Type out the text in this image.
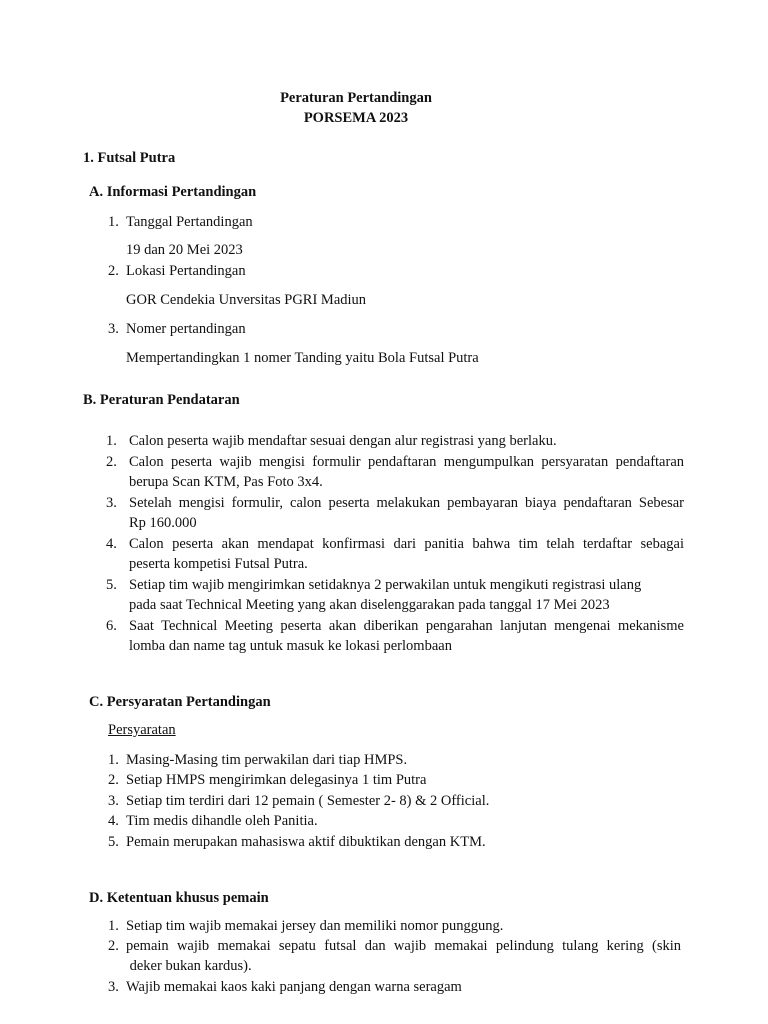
Peraturan Pertandingan
PORSEMA 2023
1. Futsal Putra
A. Informasi Pertandingan
1. Tanggal Pertandingan
19 dan 20 Mei 2023
2. Lokasi Pertandingan
GOR Cendekia Unversitas PGRI Madiun
3. Nomer pertandingan
Mempertandingkan 1 nomer Tanding yaitu Bola Futsal Putra
B. Peraturan Pendataran
1. Calon peserta wajib mendaftar sesuai dengan alur registrasi yang berlaku.
2. Calon peserta wajib mengisi formulir pendaftaran mengumpulkan persyaratan pendaftaran
berupa Scan KTM, Pas Foto 3x4.
3. Setelah mengisi formulir, calon peserta melakukan pembayaran biaya pendaftaran Sebesar
Rp 160.000
4. Calon peserta akan mendapat konfirmasi dari panitia bahwa tim telah terdaftar sebagai
peserta kompetisi Futsal Putra.
5. Setiap tim wajib mengirimkan setidaknya 2 perwakilan untuk mengikuti registrasi ulang
pada saat Technical Meeting yang akan diselenggarakan pada tanggal 17 Mei 2023
6. Saat Technical Meeting peserta akan diberikan pengarahan lanjutan mengenai mekanisme
lomba dan name tag untuk masuk ke lokasi perlombaan
C. Persyaratan Pertandingan
Persyaratan
1. Masing-Masing tim perwakilan dari tiap HMPS.
2. Setiap HMPS mengirimkan delegasinya 1 tim Putra
3. Setiap tim terdiri dari 12 pemain ( Semester 2- 8) & 2 Official.
4. Tim medis dihandle oleh Panitia.
5. Pemain merupakan mahasiswa aktif dibuktikan dengan KTM.
D. Ketentuan khusus pemain
1. Setiap tim wajib memakai jersey dan memiliki nomor punggung.
2. pemain wajib memakai sepatu futsal dan wajib memakai pelindung tulang kering (skin
deker bukan kardus).
3. Wajib memakai kaos kaki panjang dengan warna seragam
